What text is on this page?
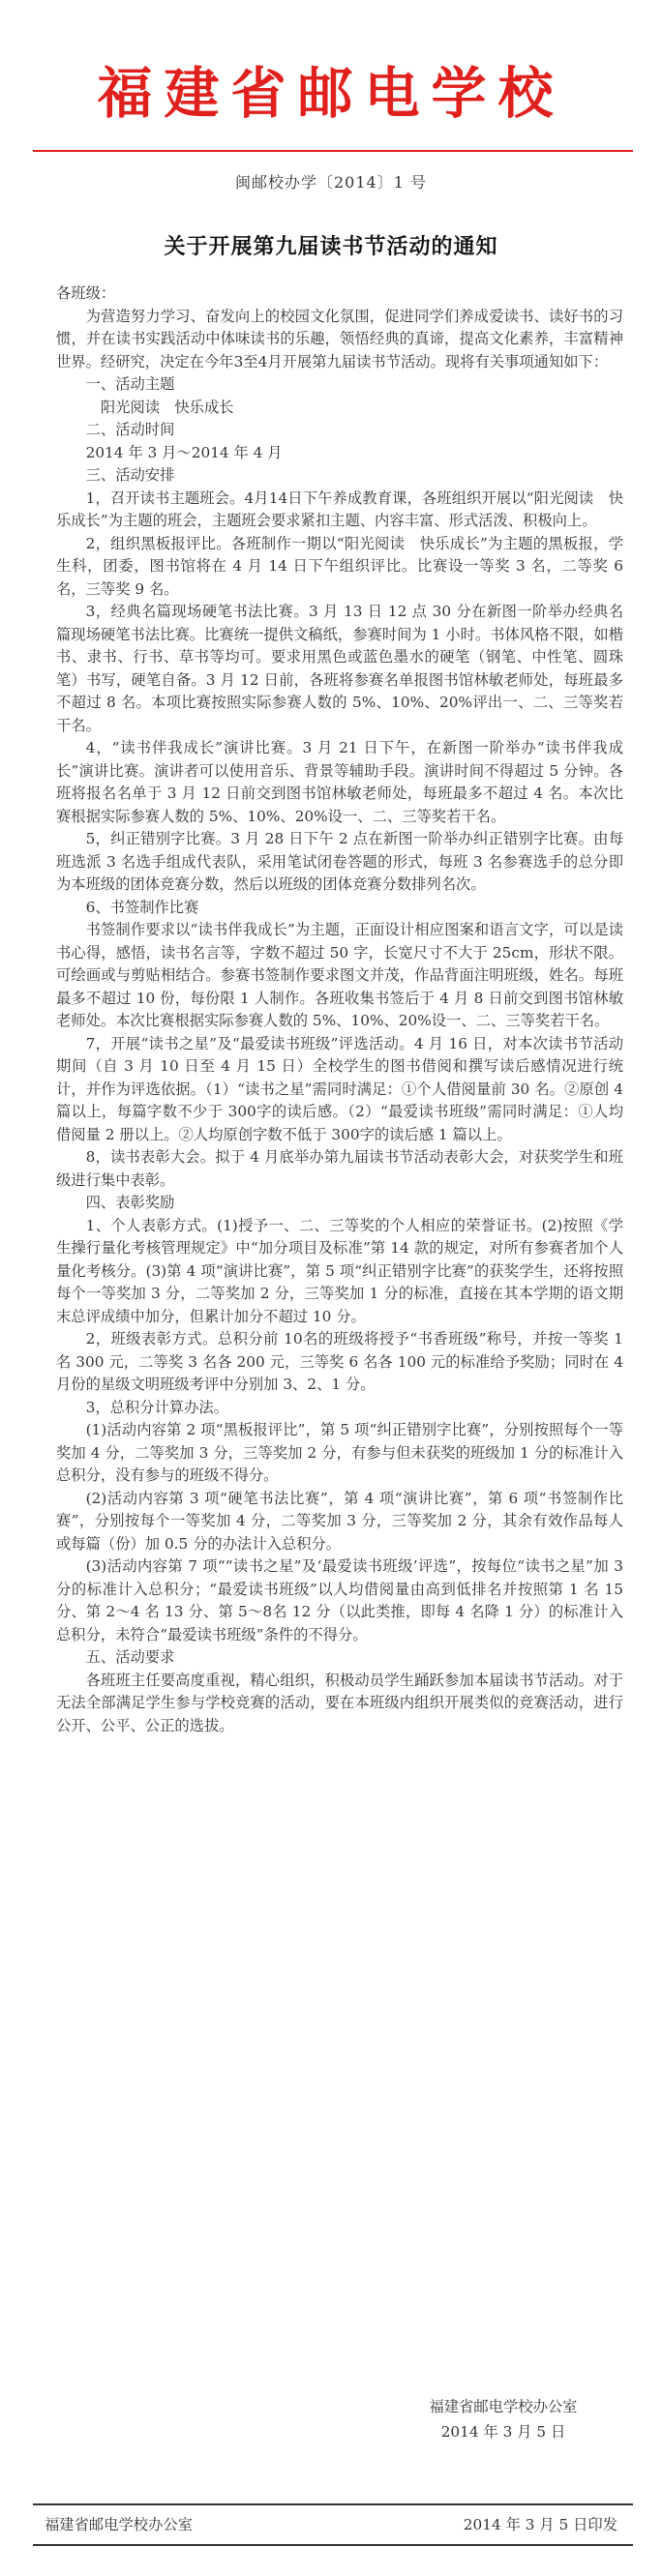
福建省邮电学校
闽邮校办学〔2014〕1 号
关于开展第九届读书节活动的通知

各班级：

为营造努力学习、奋发向上的校园文化氛围，促进同学们养成爱读书、读好书的习惯，并在读书实践活动中体味读书的乐趣，领悟经典的真谛，提高文化素养，丰富精神世界。经研究，决定在今年3至4月开展第九届读书节活动。现将有关事项通知如下：

一、活动主题

阳光阅读　快乐成长

二、活动时间

2014 年 3 月～2014 年 4 月

三、活动安排

1，召开读书主题班会。4月14日下午养成教育课，各班组织开展以“阳光阅读　快乐成长”为主题的班会，主题班会要求紧扣主题、内容丰富、形式活泼、积极向上。

2，组织黑板报评比。各班制作一期以“阳光阅读　快乐成长”为主题的黑板报，学生科，团委，图书馆将在 4 月 14 日下午组织评比。比赛设一等奖 3 名，二等奖 6 名，三等奖 9 名。

3，经典名篇现场硬笔书法比赛。3 月 13 日 12 点 30 分在新图一阶举办经典名篇现场硬笔书法比赛。比赛统一提供文稿纸，参赛时间为 1 小时。书体风格不限，如楷书、隶书、行书、草书等均可。要求用黑色或蓝色墨水的硬笔（钢笔、中性笔、圆珠笔）书写，硬笔自备。3 月 12 日前，各班将参赛名单报图书馆林敏老师处，每班最多不超过 8 名。本项比赛按照实际参赛人数的 5%、10%、20%评出一、二、三等奖若干名。

4，“读书伴我成长”演讲比赛。3 月 21 日下午，在新图一阶举办“读书伴我成长”演讲比赛。演讲者可以使用音乐、背景等辅助手段。演讲时间不得超过 5 分钟。各班将报名名单于 3 月 12 日前交到图书馆林敏老师处，每班最多不超过 4 名。本次比赛根据实际参赛人数的 5%、10%、20%设一、二、三等奖若干名。

5，纠正错别字比赛。3 月 28 日下午 2 点在新图一阶举办纠正错别字比赛。由每班选派 3 名选手组成代表队，采用笔试闭卷答题的形式，每班 3 名参赛选手的总分即为本班级的团体竞赛分数，然后以班级的团体竞赛分数排列名次。

6、书签制作比赛

书签制作要求以“读书伴我成长”为主题，正面设计相应图案和语言文字，可以是读书心得，感悟，读书名言等，字数不超过 50 字，长宽尺寸不大于 25cm，形状不限。可绘画或与剪贴相结合。参赛书签制作要求图文并茂，作品背面注明班级，姓名。每班最多不超过 10 份，每份限 1 人制作。各班收集书签后于 4 月 8 日前交到图书馆林敏老师处。本次比赛根据实际参赛人数的 5%、10%、20%设一、二、三等奖若干名。

7，开展“读书之星”及“最爱读书班级”评选活动。4 月 16 日，对本次读书节活动期间（自 3 月 10 日至 4 月 15 日）全校学生的图书借阅和撰写读后感情况进行统计，并作为评选依据。（1）“读书之星”需同时满足：①个人借阅量前 30 名。②原创 4 篇以上，每篇字数不少于 300字的读后感。（2）“最爱读书班级”需同时满足：①人均借阅量 2 册以上。②人均原创字数不低于 300字的读后感 1 篇以上。

8，读书表彰大会。拟于 4 月底举办第九届读书节活动表彰大会，对获奖学生和班级进行集中表彰。

四、表彰奖励

1、个人表彰方式。(1)授予一、二、三等奖的个人相应的荣誉证书。(2)按照《学生操行量化考核管理规定》中“加分项目及标准”第 14 款的规定，对所有参赛者加个人量化考核分。(3)第 4 项“演讲比赛”，第 5 项“纠正错别字比赛”的获奖学生，还将按照每个一等奖加 3 分，二等奖加 2 分，三等奖加 1 分的标准，直接在其本学期的语文期末总评成绩中加分，但累计加分不超过 10 分。

2，班级表彰方式。总积分前 10名的班级将授予“书香班级”称号，并按一等奖 1 名 300 元，二等奖 3 名各 200 元，三等奖 6 名各 100 元的标准给予奖励；同时在 4 月份的星级文明班级考评中分别加 3、2、1 分。

3，总积分计算办法。

(1)活动内容第 2 项“黑板报评比”，第 5 项“纠正错别字比赛”，分别按照每个一等奖加 4 分，二等奖加 3 分，三等奖加 2 分，有参与但未获奖的班级加 1 分的标准计入总积分，没有参与的班级不得分。

(2)活动内容第 3 项“硬笔书法比赛”，第 4 项“演讲比赛”，第 6 项“书签制作比赛”，分别按每个一等奖加 4 分，二等奖加 3 分，三等奖加 2 分，其余有效作品每人或每篇（份）加 0.5 分的办法计入总积分。

(3)活动内容第 7 项““读书之星”及‘最爱读书班级’评选”，按每位“读书之星”加 3 分的标准计入总积分；“最爱读书班级”以人均借阅量由高到低排名并按照第 1 名 15 分、第 2～4 名 13 分、第 5～8名 12 分（以此类推，即每 4 名降 1 分）的标准计入总积分，未符合“最爱读书班级”条件的不得分。

五、活动要求

各班班主任要高度重视，精心组织，积极动员学生踊跃参加本届读书节活动。对于无法全部满足学生参与学校竞赛的活动，要在本班级内组织开展类似的竞赛活动，进行公开、公平、公正的选拔。

福建省邮电学校办公室
2014 年 3 月 5 日
福建省邮电学校办公室	2014 年 3 月 5 日印发
